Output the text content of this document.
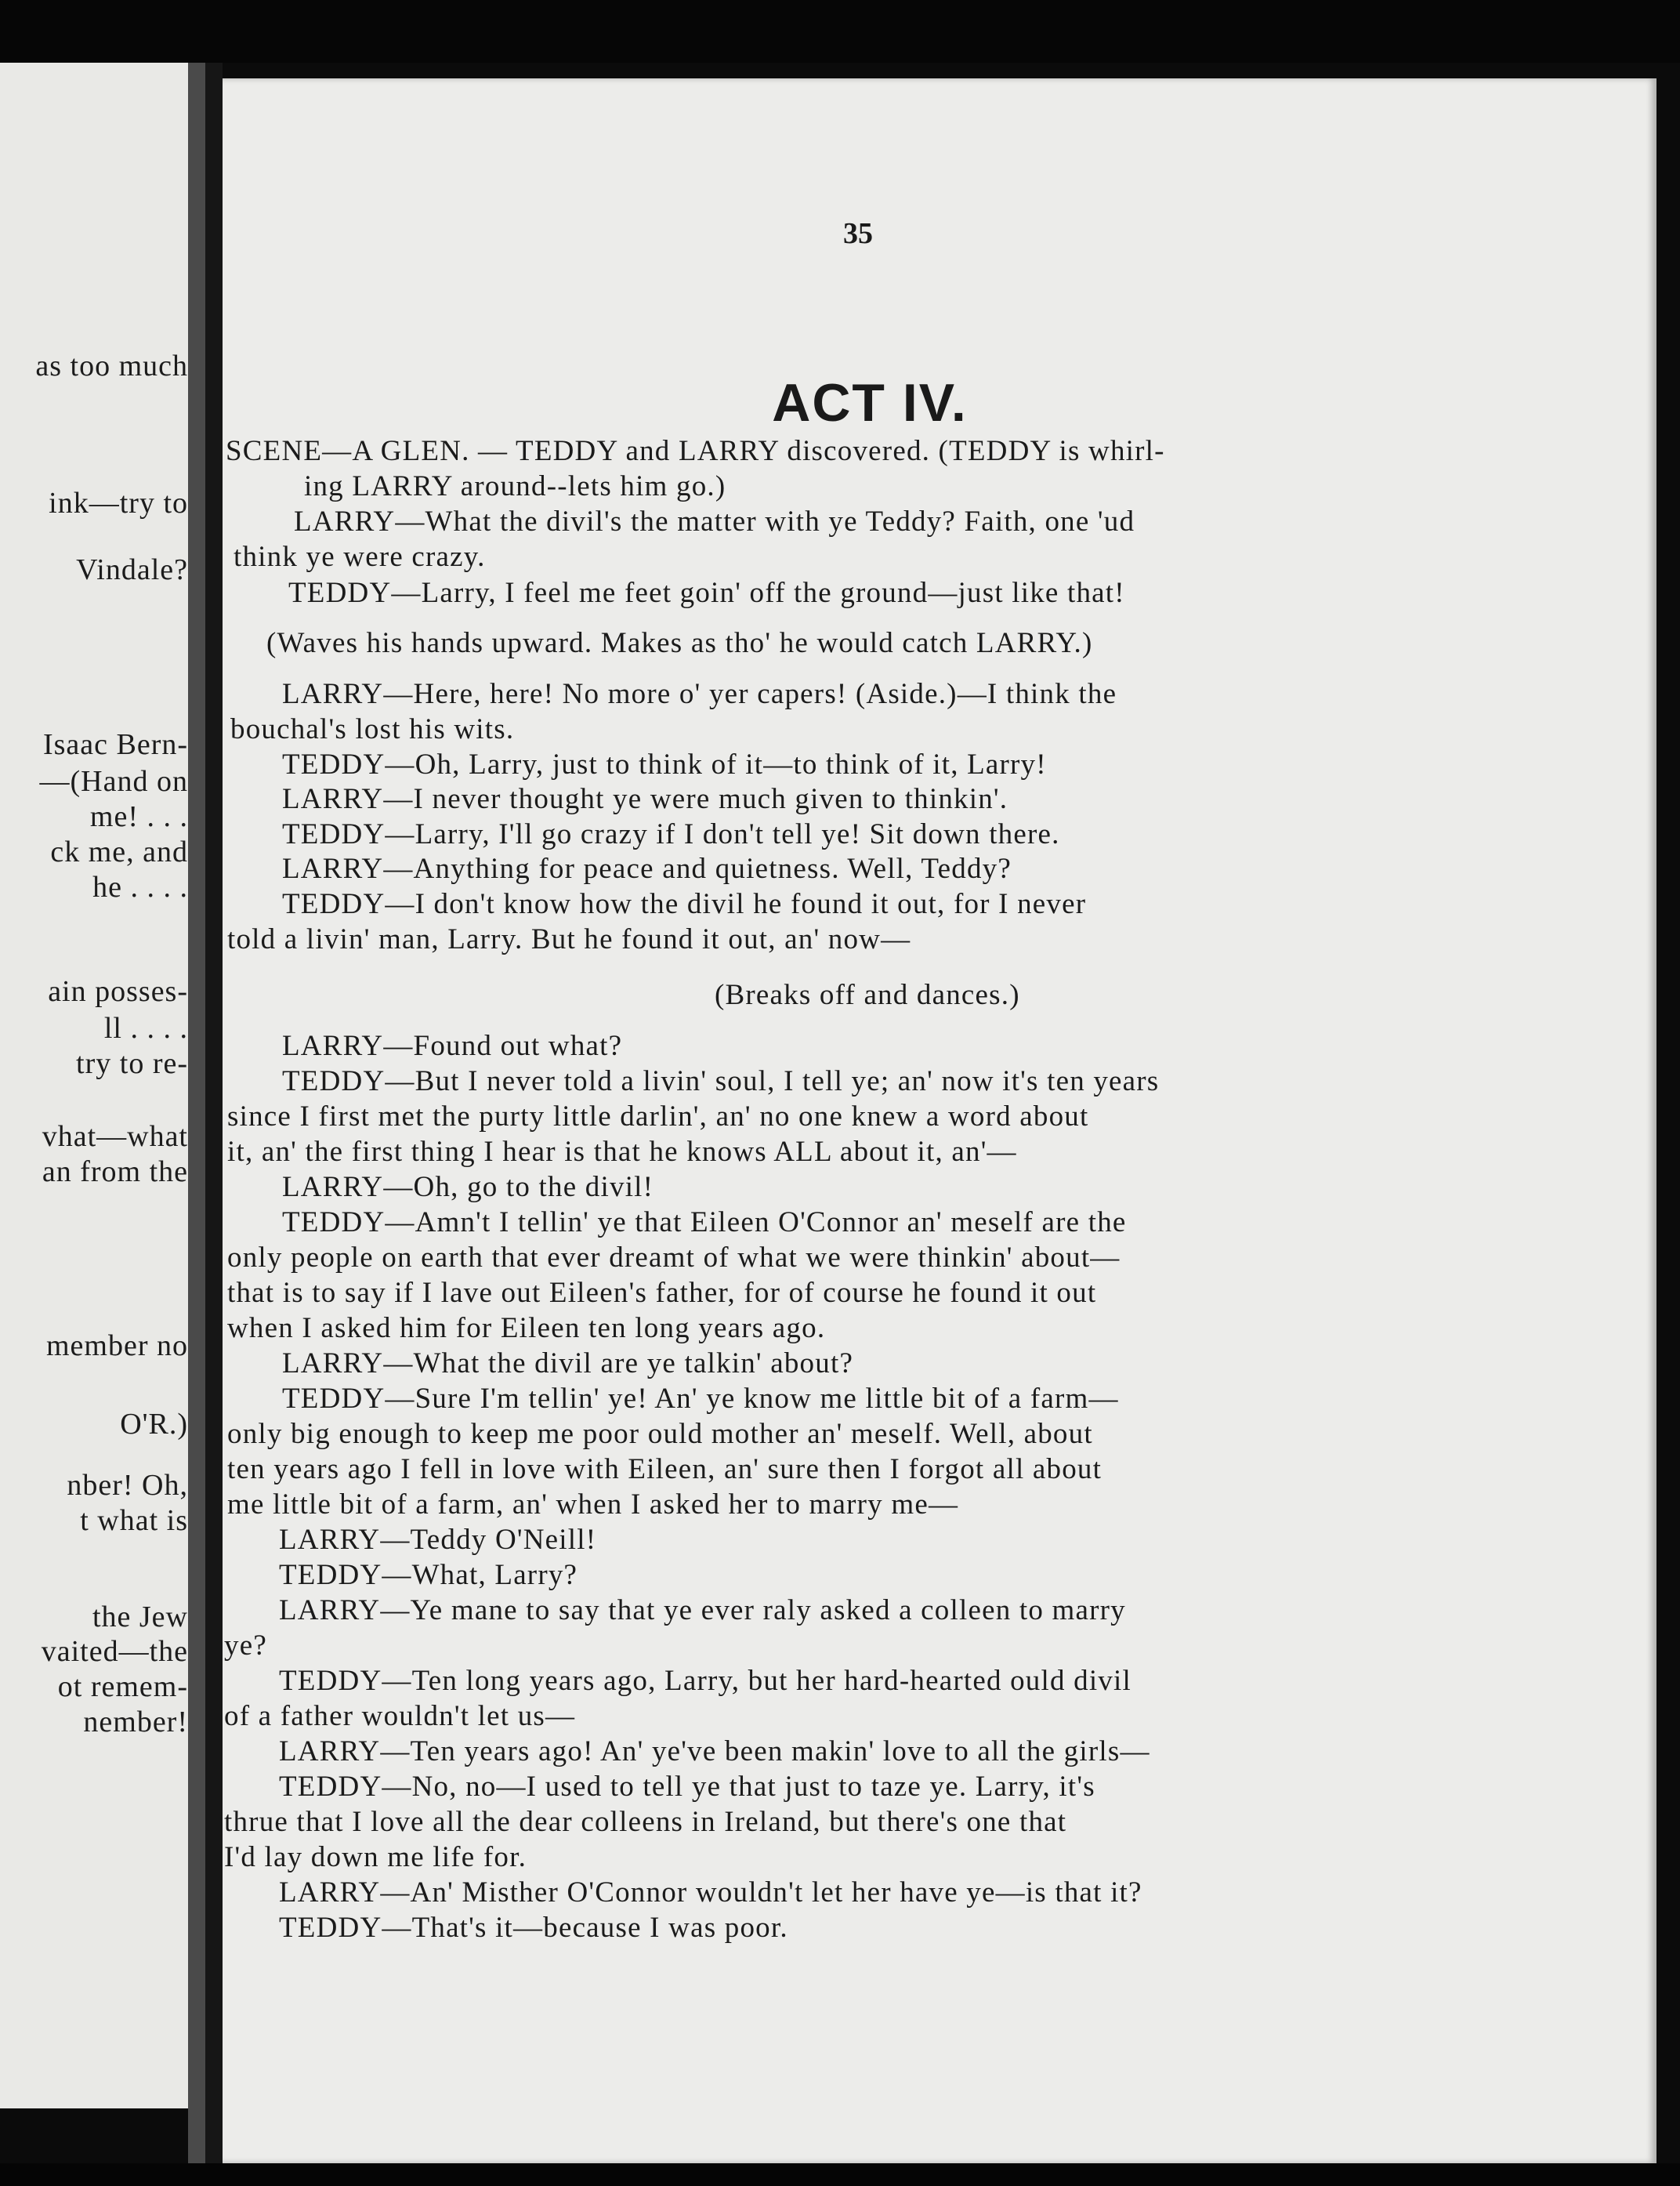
as too much
ink—try to
Vindale?
Isaac Bern-
—(Hand on
me! . . .
ck me, and
he . . . .
ain posses-
ll . . . .
try to re-
vhat—what
an from the
member no
O'R.)
nber! Oh,
t what is
the Jew
vaited—the
ot remem-
nember!
35
ACT IV.
SCENE—A GLEN. — TEDDY and LARRY discovered. (TEDDY is whirl-
ing LARRY around--lets him go.)
LARRY—What the divil's the matter with ye Teddy? Faith, one 'ud
think ye were crazy.
TEDDY—Larry, I feel me feet goin' off the ground—just like that!
(Waves his hands upward. Makes as tho' he would catch LARRY.)
LARRY—Here, here! No more o' yer capers! (Aside.)—I think the
bouchal's lost his wits.
TEDDY—Oh, Larry, just to think of it—to think of it, Larry!
LARRY—I never thought ye were much given to thinkin'.
TEDDY—Larry, I'll go crazy if I don't tell ye! Sit down there.
LARRY—Anything for peace and quietness. Well, Teddy?
TEDDY—I don't know how the divil he found it out, for I never
told a livin' man, Larry. But he found it out, an' now—
(Breaks off and dances.)
LARRY—Found out what?
TEDDY—But I never told a livin' soul, I tell ye; an' now it's ten years
since I first met the purty little darlin', an' no one knew a word about
it, an' the first thing I hear is that he knows ALL about it, an'—
LARRY—Oh, go to the divil!
TEDDY—Amn't I tellin' ye that Eileen O'Connor an' meself are the
only people on earth that ever dreamt of what we were thinkin' about—
that is to say if I lave out Eileen's father, for of course he found it out
when I asked him for Eileen ten long years ago.
LARRY—What the divil are ye talkin' about?
TEDDY—Sure I'm tellin' ye! An' ye know me little bit of a farm—
only big enough to keep me poor ould mother an' meself. Well, about
ten years ago I fell in love with Eileen, an' sure then I forgot all about
me little bit of a farm, an' when I asked her to marry me—
LARRY—Teddy O'Neill!
TEDDY—What, Larry?
LARRY—Ye mane to say that ye ever raly asked a colleen to marry
ye?
TEDDY—Ten long years ago, Larry, but her hard-hearted ould divil
of a father wouldn't let us—
LARRY—Ten years ago! An' ye've been makin' love to all the girls—
TEDDY—No, no—I used to tell ye that just to taze ye. Larry, it's
thrue that I love all the dear colleens in Ireland, but there's one that
I'd lay down me life for.
LARRY—An' Misther O'Connor wouldn't let her have ye—is that it?
TEDDY—That's it—because I was poor.
